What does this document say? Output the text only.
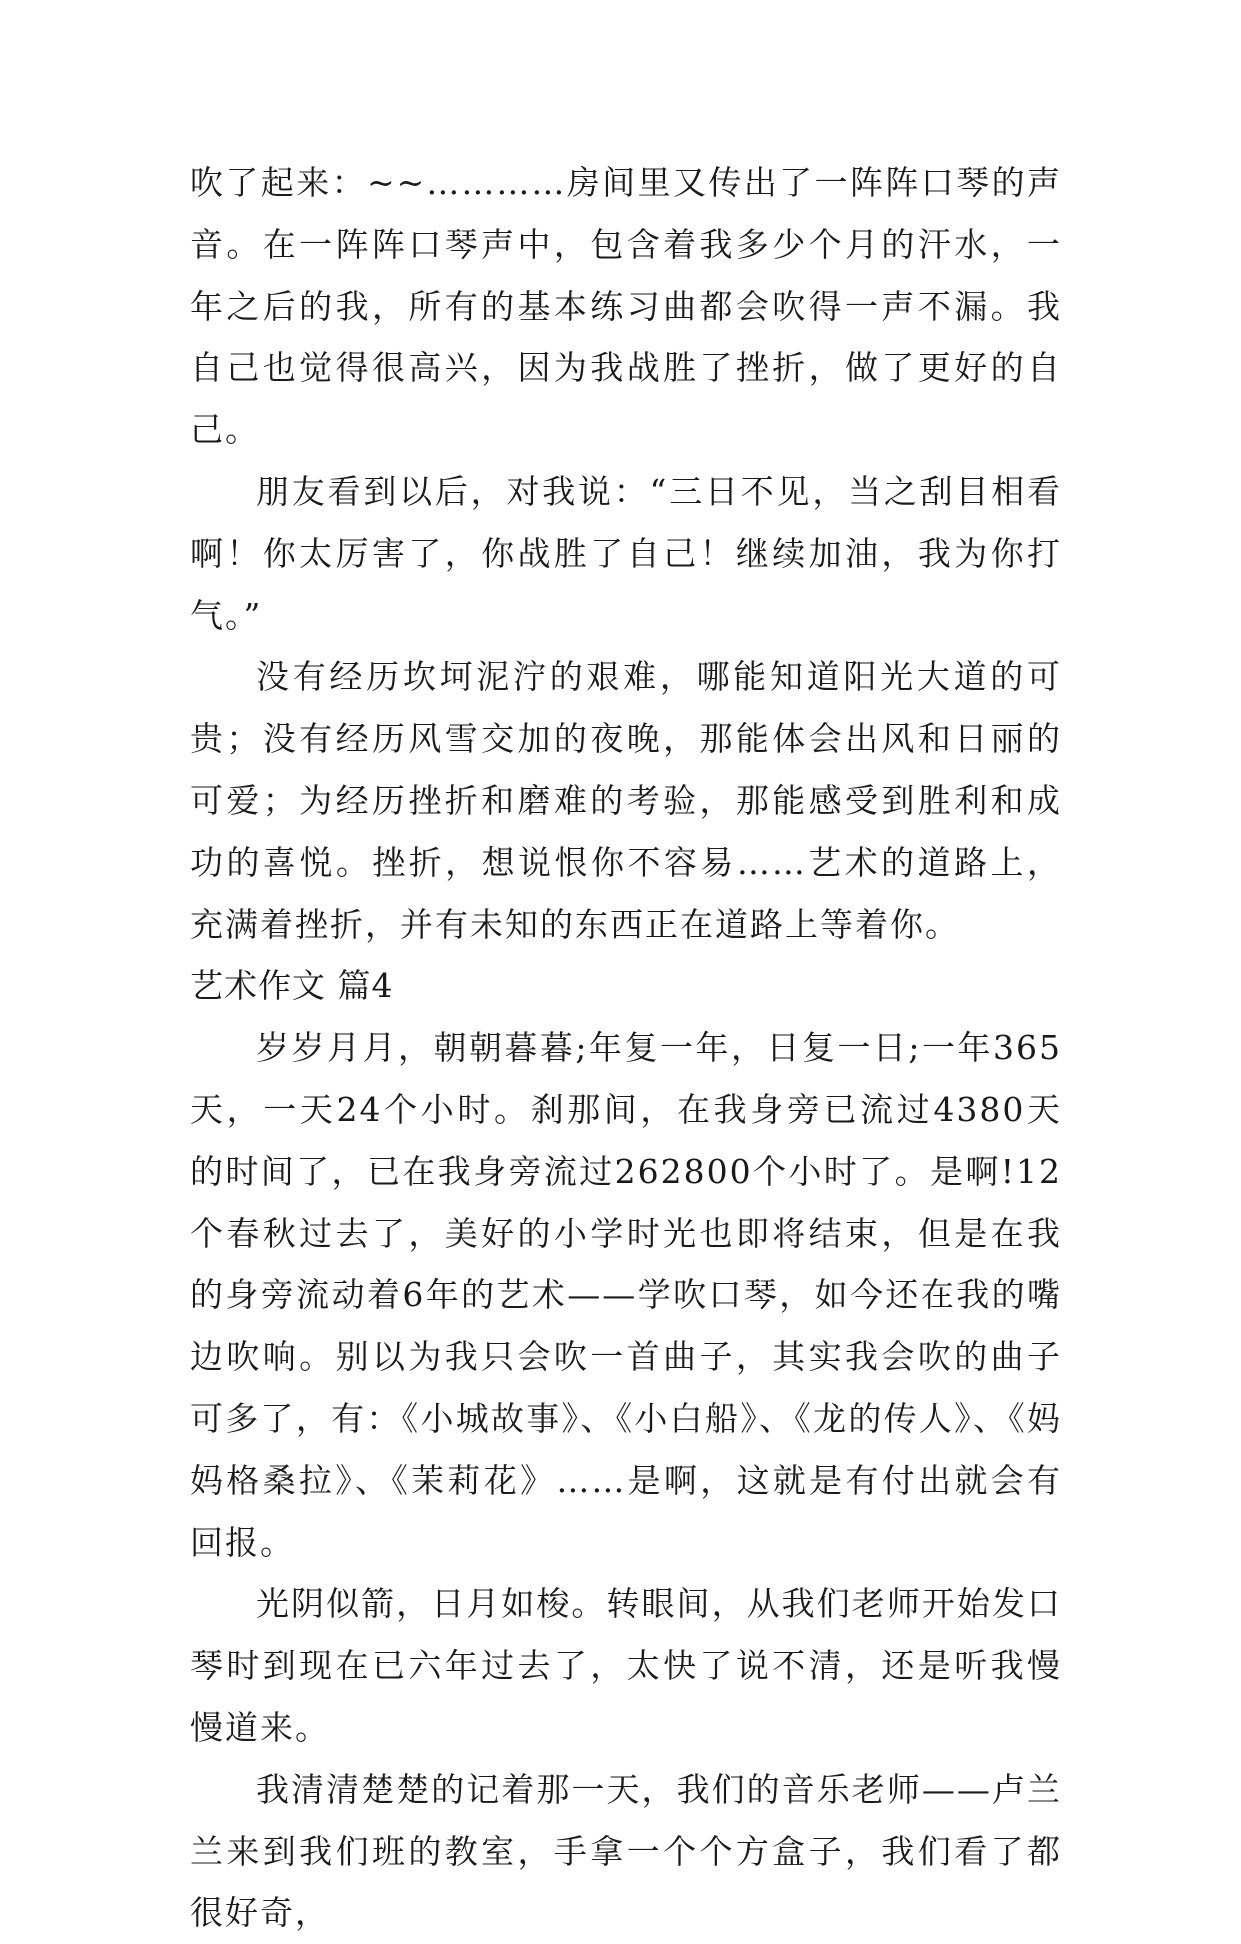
吹了起来：~~…………房间里又传出了一阵阵口琴的声音。在一阵阵口琴声中，包含着我多少个月的汗水，一年之后的我，所有的基本练习曲都会吹得一声不漏。我自己也觉得很高兴，因为我战胜了挫折，做了更好的自己。

朋友看到以后，对我说：“三日不见，当之刮目相看啊！你太厉害了，你战胜了自己！继续加油，我为你打气。”

没有经历坎坷泥泞的艰难，哪能知道阳光大道的可贵；没有经历风雪交加的夜晚，那能体会出风和日丽的可爱；为经历挫折和磨难的考验，那能感受到胜利和成功的喜悦。挫折，想说恨你不容易……艺术的道路上，充满着挫折，并有未知的东西正在道路上等着你。

艺术作文 篇4

岁岁月月，朝朝暮暮;年复一年，日复一日;一年365天，一天24个小时。刹那间，在我身旁已流过4380天的时间了，已在我身旁流过262800个小时了。是啊!12个春秋过去了，美好的小学时光也即将结束，但是在我的身旁流动着6年的艺术——学吹口琴，如今还在我的嘴边吹响。别以为我只会吹一首曲子，其实我会吹的曲子可多了，有：《小城故事》、《小白船》、《龙的传人》、《妈妈格桑拉》、《茉莉花》……是啊，这就是有付出就会有回报。

光阴似箭，日月如梭。转眼间，从我们老师开始发口琴时到现在已六年过去了，太快了说不清，还是听我慢慢道来。

我清清楚楚的记着那一天，我们的音乐老师——卢兰兰来到我们班的教室，手拿一个个方盒子，我们看了都很好奇，
